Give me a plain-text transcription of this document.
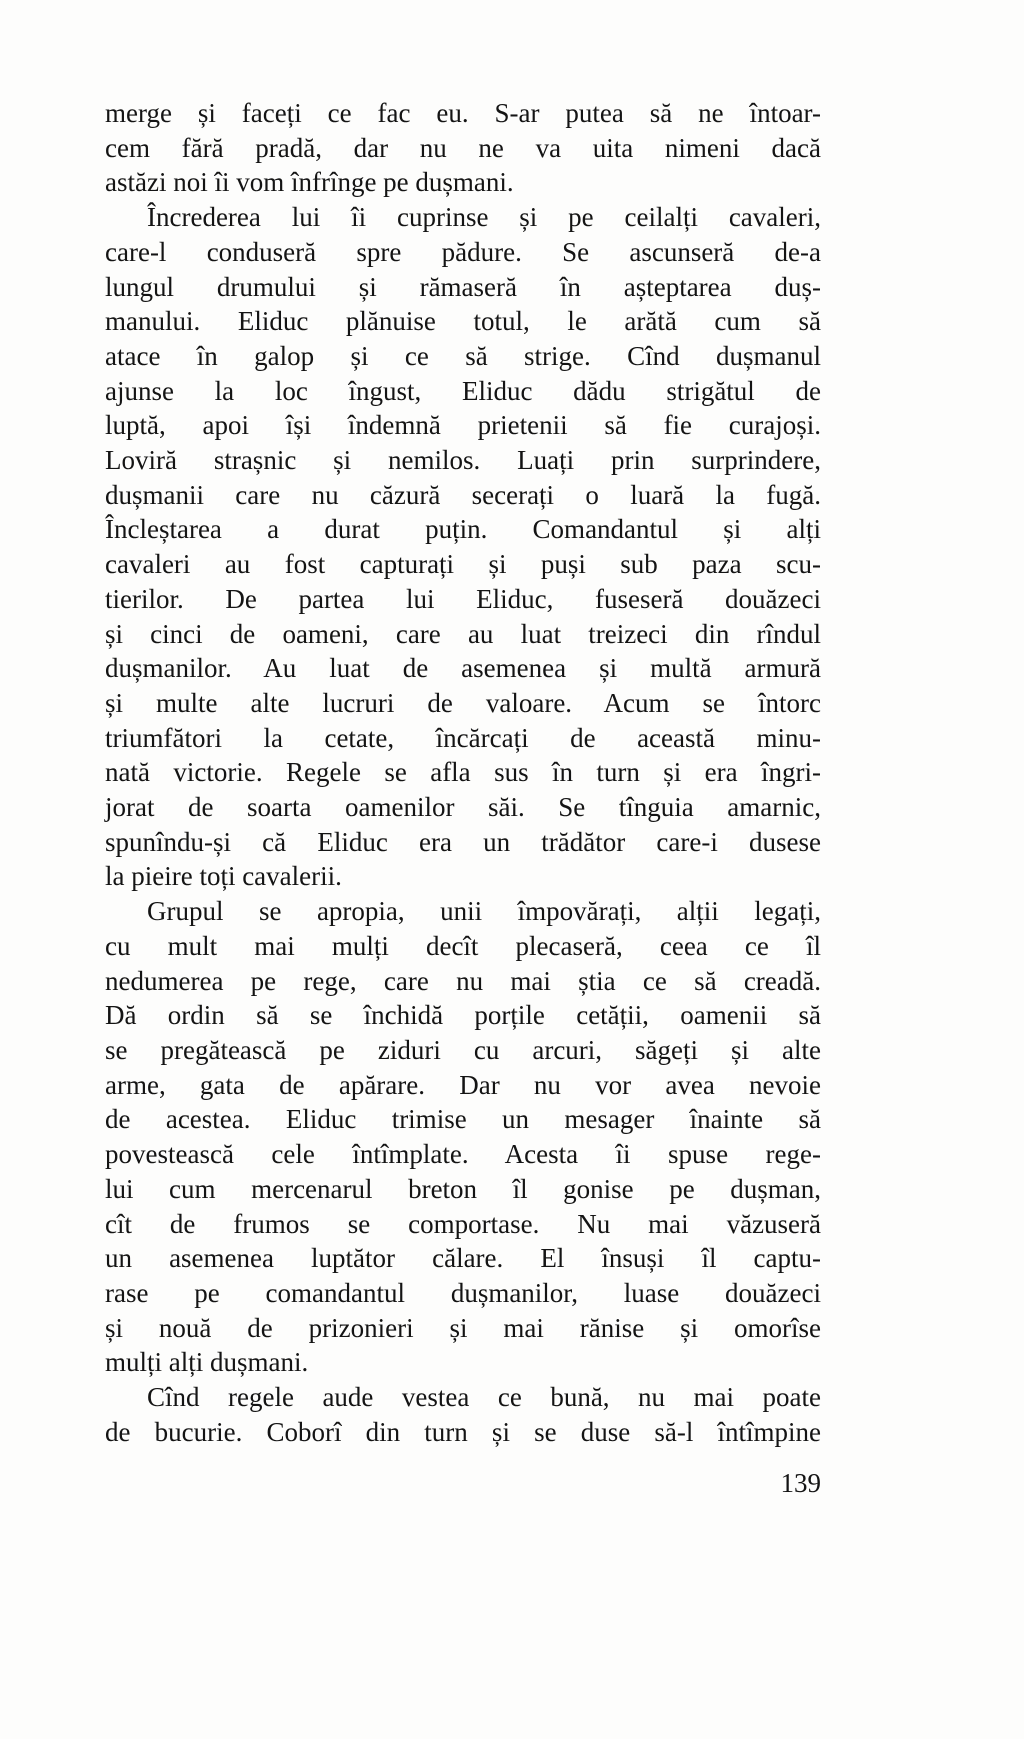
merge și faceți ce fac eu. S-ar putea să ne întoar-
cem fără pradă, dar nu ne va uita nimeni dacă
astăzi noi îi vom înfrînge pe dușmani.
Încrederea lui îi cuprinse și pe ceilalți cavaleri,
care-l conduseră spre pădure. Se ascunseră de-a
lungul drumului și rămaseră în așteptarea duș-
manului. Eliduc plănuise totul, le arătă cum să
atace în galop și ce să strige. Cînd dușmanul
ajunse la loc îngust, Eliduc dădu strigătul de
luptă, apoi își îndemnă prietenii să fie curajoși.
Loviră strașnic și nemilos. Luați prin surprindere,
dușmanii care nu căzură secerați o luară la fugă.
Încleștarea a durat puțin. Comandantul și alți
cavaleri au fost capturați și puși sub paza scu-
tierilor. De partea lui Eliduc, fuseseră douăzeci
și cinci de oameni, care au luat treizeci din rîndul
dușmanilor. Au luat de asemenea și multă armură
și multe alte lucruri de valoare. Acum se întorc
triumfători la cetate, încărcați de această minu-
nată victorie. Regele se afla sus în turn și era îngri-
jorat de soarta oamenilor săi. Se tînguia amarnic,
spunîndu-și că Eliduc era un trădător care-i dusese
la pieire toți cavalerii.
Grupul se apropia, unii împovărați, alții legați,
cu mult mai mulți decît plecaseră, ceea ce îl
nedumerea pe rege, care nu mai știa ce să creadă.
Dă ordin să se închidă porțile cetății, oamenii să
se pregătească pe ziduri cu arcuri, săgeți și alte
arme, gata de apărare. Dar nu vor avea nevoie
de acestea. Eliduc trimise un mesager înainte să
povestească cele întîmplate. Acesta îi spuse rege-
lui cum mercenarul breton îl gonise pe dușman,
cît de frumos se comportase. Nu mai văzuseră
un asemenea luptător călare. El însuși îl captu-
rase pe comandantul dușmanilor, luase douăzeci
și nouă de prizonieri și mai rănise și omorîse
mulți alți dușmani.
Cînd regele aude vestea ce bună, nu mai poate
de bucurie. Coborî din turn și se duse să-l întîmpine
139
